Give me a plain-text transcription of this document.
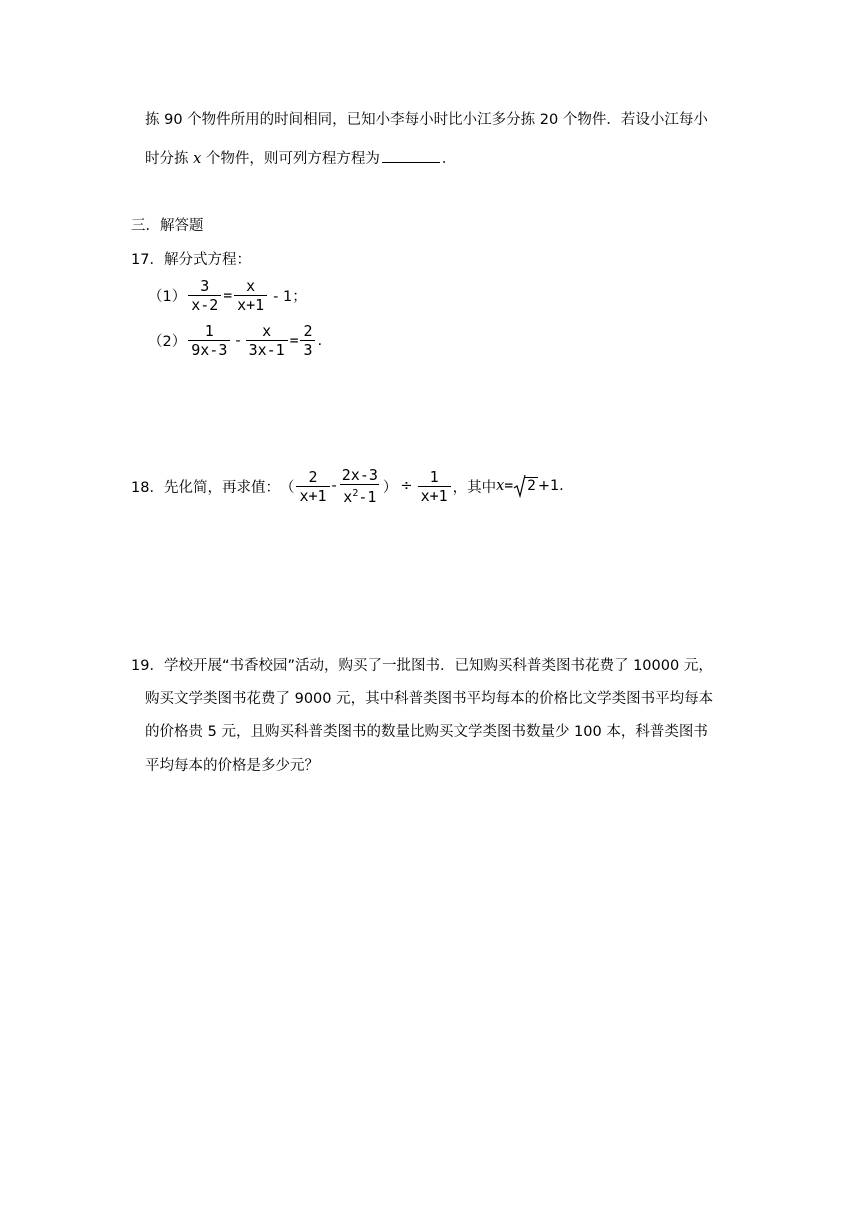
拣 90 个物件所用的时间相同，已知小李每小时比小江多分拣 20 个物件．若设小江每小
时分拣 x 个物件，则可列方程方程为	．
三．解答题
17．解分式方程：
$(1) \frac{3}{x-2} = \frac{x}{x+1} - 1$；
$(2) \frac{1}{9x-3} - \frac{x}{3x-1} = \frac{2}{3}$ .
18． 先化简，再求值： （ $\frac{2}{x+1} - \frac{2x-3}{x^2-1}$ ） ÷ $\frac{1}{x+1}$ ，其中 x = 2 +1.
19．学校开展“书香校园”活动，购买了一批图书．已知购买科普类图书花费了 10000 元，
购买文学类图书花费了 9000 元，其中科普类图书平均每本的价格比文学类图书平均每本
的价格贵 5 元，且购买科普类图书的数量比购买文学类图书数量少 100 本，科普类图书
平均每本的价格是多少元？
